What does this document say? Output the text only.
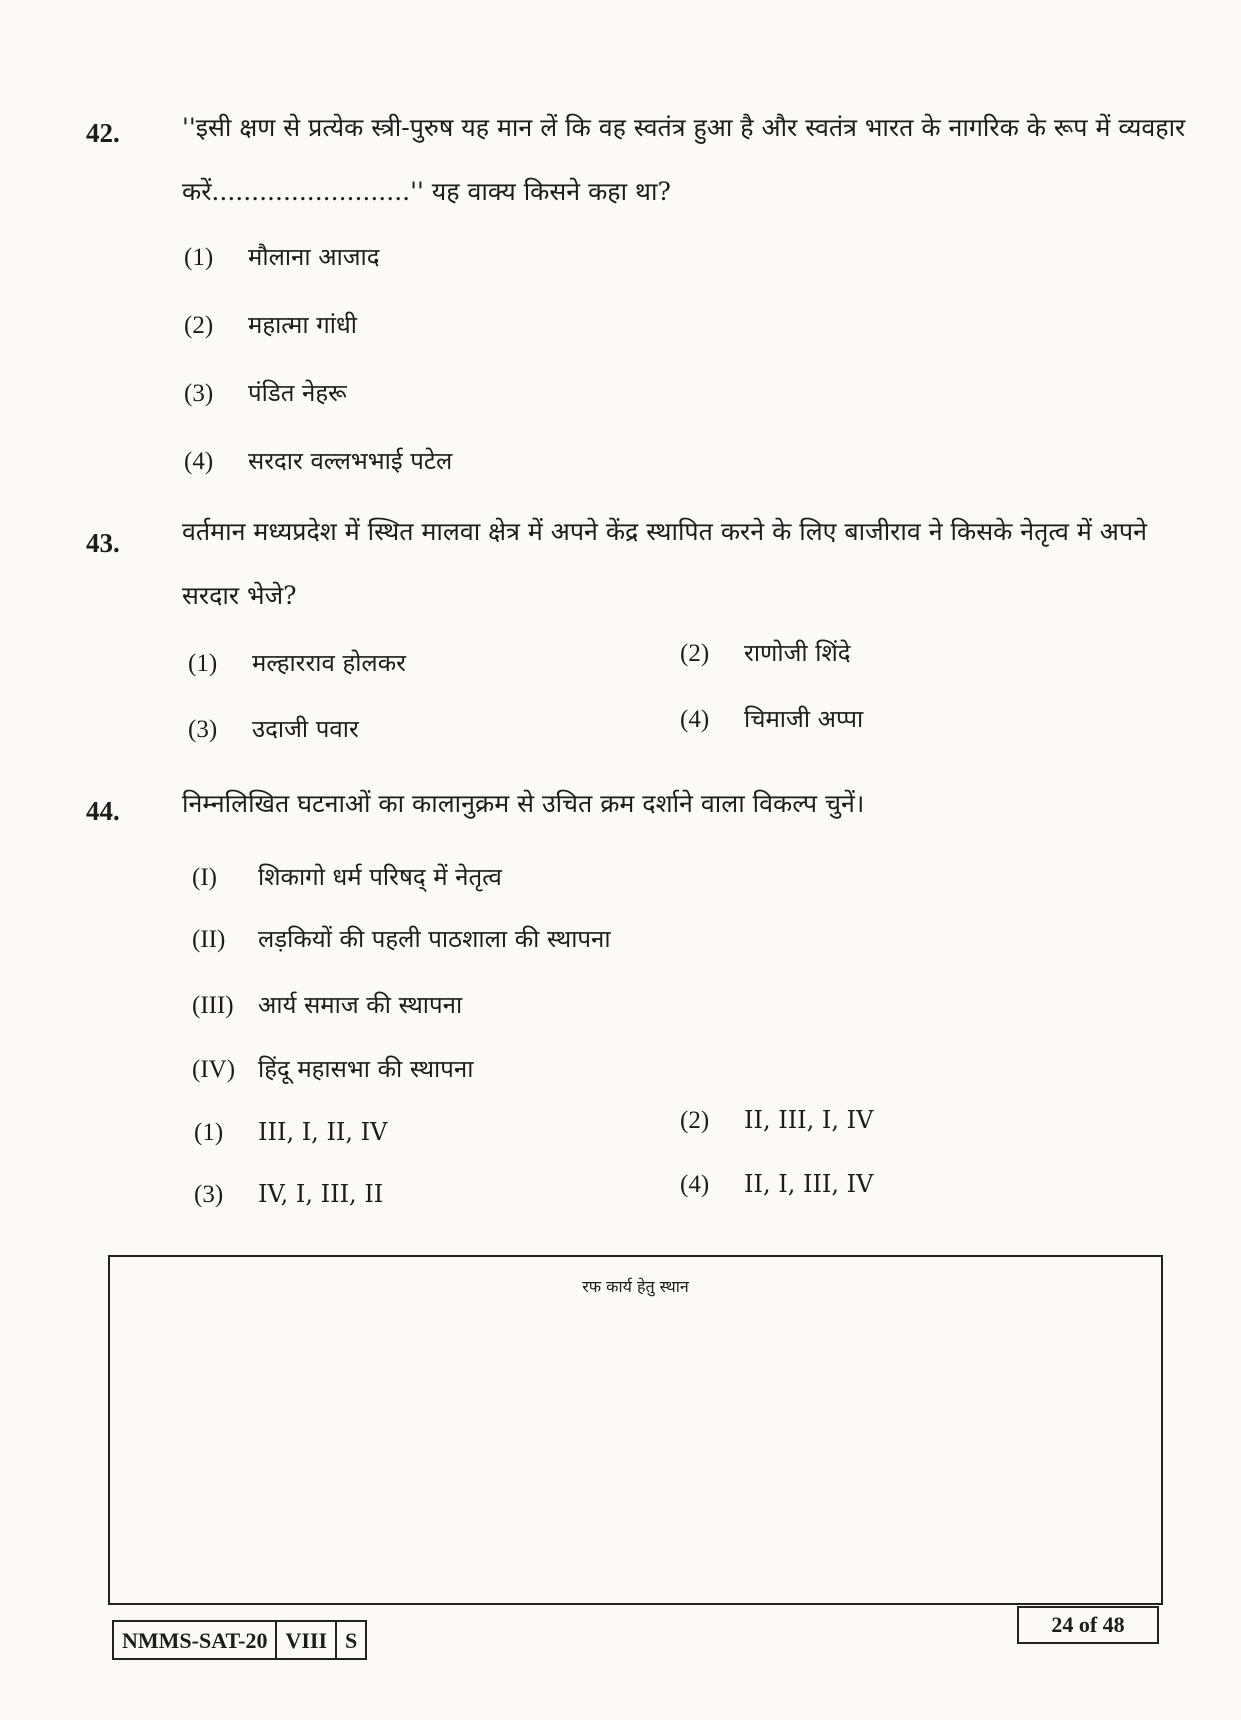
42. ''इसी क्षण से प्रत्येक स्त्री-पुरुष यह मान लें कि वह स्वतंत्र हुआ है और स्वतंत्र भारत के नागरिक के रूप में व्यवहार करें.........................'' यह वाक्य किसने कहा था?
(1) मौलाना आजाद
(2) महात्मा गांधी
(3) पंडित नेहरू
(4) सरदार वल्लभभाई पटेल
43. वर्तमान मध्यप्रदेश में स्थित मालवा क्षेत्र में अपने केंद्र स्थापित करने के लिए बाजीराव ने किसके नेतृत्व में अपने सरदार भेजे?
(1) मल्हारराव होलकर	(2) राणोजी शिंदे
(3) उदाजी पवार	(4) चिमाजी अप्पा
44. निम्नलिखित घटनाओं का कालानुक्रम से उचित क्रम दर्शाने वाला विकल्प चुनें।
(I) शिकागो धर्म परिषद् में नेतृत्व
(II) लड़कियों की पहली पाठशाला की स्थापना
(III) आर्य समाज की स्थापना
(IV) हिंदू महासभा की स्थापना
(1) III, I, II, IV	(2) II, III, I, IV
(3) IV, I, III, II	(4) II, I, III, IV
रफ कार्य हेतु स्थान
NMMS-SAT-20 VIII S
24 of 48
